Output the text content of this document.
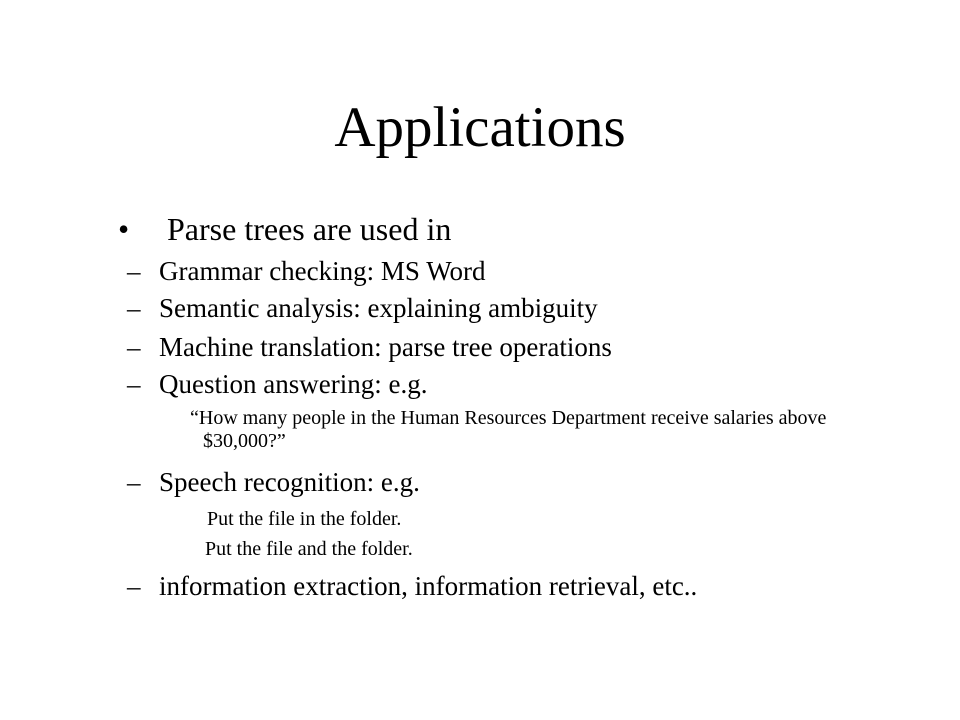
Applications
• Parse trees are used in
– Grammar checking: MS Word
– Semantic analysis: explaining ambiguity
– Machine translation: parse tree operations
– Question answering: e.g.
“How many people in the Human Resources Department receive salaries above $30,000?”
– Speech recognition: e.g.
Put the file in the folder.
Put the file and the folder.
– information extraction, information retrieval, etc..
